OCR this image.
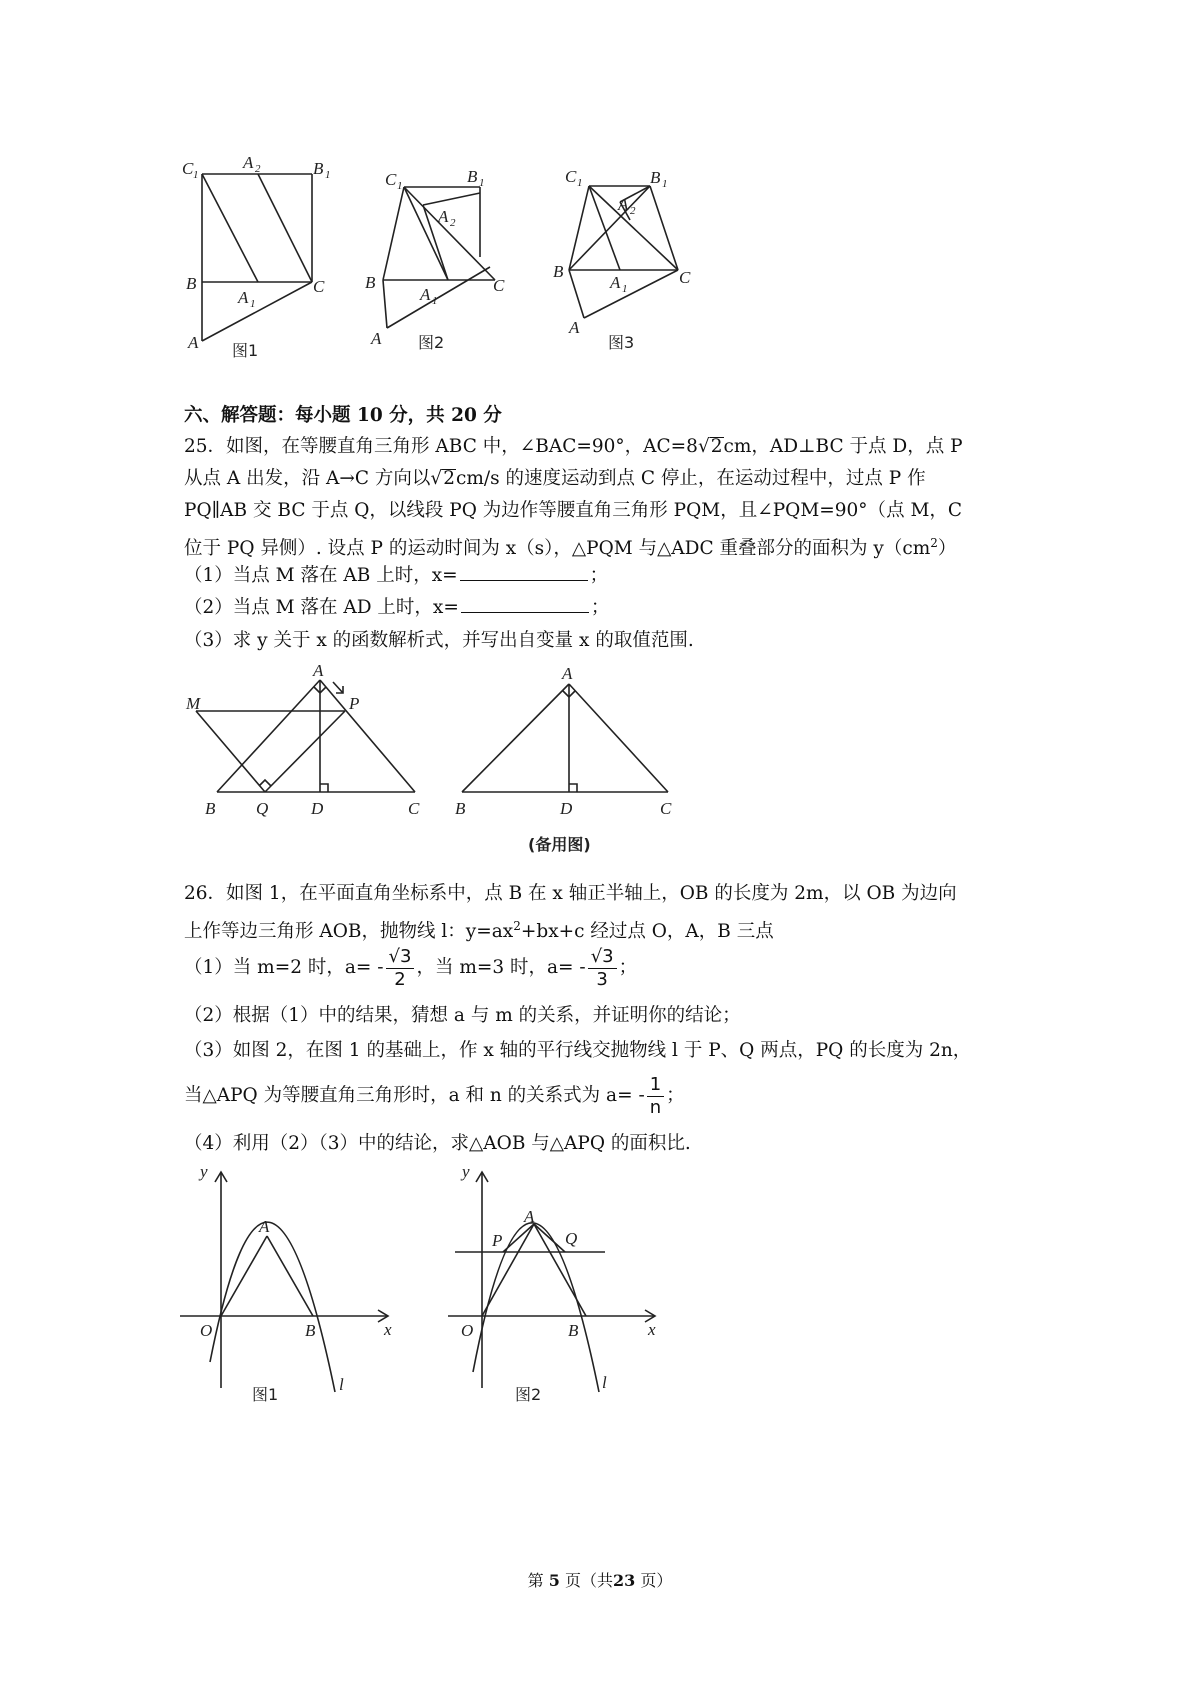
C 1
A 2	B 1
B
A 1
C
A 图1
C 1	B 1
A 2
B
A 1
C
A 图2
C 1	B 1
A 2
B
A 1
C
A
图3
六、解答题：每小题 10 分，共 20 分
25．如图，在等腰直角三角形 ABC 中，∠BAC=90°，AC=8√2cm，AD⊥BC 于点 D，点 P
从点 A 出发，沿 A→C 方向以√2cm/s 的速度运动到点 C 停止，在运动过程中，过点 P 作
PQ∥AB 交 BC 于点 Q，以线段 PQ 为边作等腰直角三角形 PQM，且∠PQM=90°（点 M，C
位于 PQ 异侧）. 设点 P 的运动时间为 x（s），△PQM 与△ADC 重叠部分的面积为 $y(cm^2)$
（1）当点 M 落在 AB 上时，x=	；
（2）当点 M 落在 AD 上时，x=	；
（3）求 y 关于 x 的函数解析式，并写出自变量 x 的取值范围.
M
A
P
B Q	D	C
A
B	D	C
(备用图)
26．如图 1，在平面直角坐标系中，点 B 在 x 轴正半轴上，OB 的长度为 2m，以 OB 为边向
上作等边三角形 AOB，抛物线 l：$y=ax^2+bx+c$ 经过点 O，A，B 三点
（1）当 m=2 时，$a= - \frac{√3}{2}$ ，当 m=3 时，$a= - \frac{√3}{3}$ ；
（2）根据（1）中的结果，猜想 a 与 m 的关系，并证明你的结论；
（3）如图 2，在图 1 的基础上，作 x 轴的平行线交抛物线 l 于 P、Q 两点，PQ 的长度为 2n，
当△APQ 为等腰直角三角形时，a 和 n 的关系式为 $a= - \frac{1}{n}$ ；
（4）利用（2）（3）中的结论，求△AOB 与△APQ 的面积比.
y
A
O	B	x
l
图1
y
A
P	Q
O	B	x
l
图2
第 5 页（共23 页）
